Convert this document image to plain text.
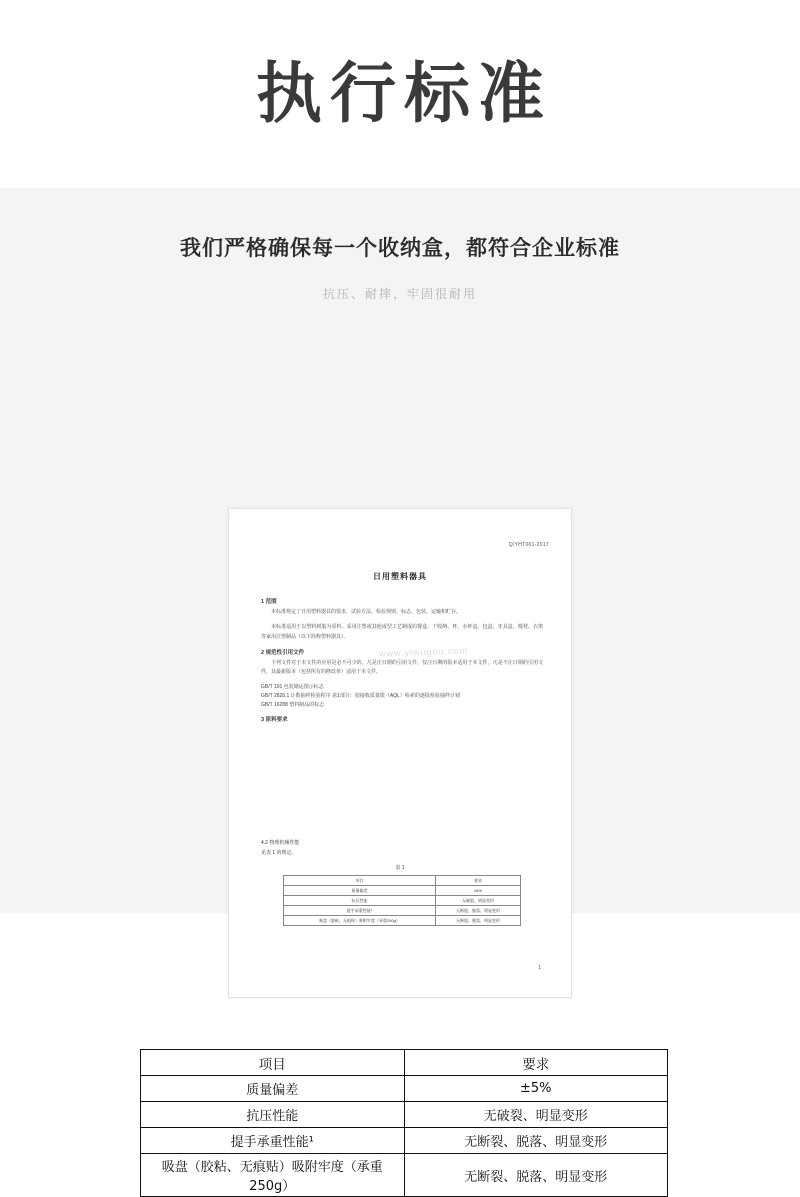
执行标准
我们严格确保每一个收纳盒，都符合企业标准
抗压、耐摔，牢固很耐用
Q/YHT001-2017
日用塑料器具

1 范围

本标准规定了日用塑料器具的要求、试验方法、检验规则、标志、包装、运输和贮存。

本标准适用于以塑料树脂为原料，采用注塑或其他成型工艺制成的餐盒、干收纳、杯、水杯盒、包盒、牙具盒、椅凳、衣架等家用注塑制品（以下简称塑料器具）。

2 规范性引用文件

下列文件对于本文件的应用是必不可少的。凡是注日期的引用文件，仅注日期的版本适用于本文件。凡是不注日期的引用文件，其最新版本（包括所有的修改单）适用于本文件。

GB/T 191 包装储运图示标志

GB/T 2828.1 计数抽样检验程序 第1部分：按接收质量限（AQL）检索的逐批检验抽样计划

GB/T 16288 塑料制品的标志

3 原料要求

www.yiwugou.com
4.2 物理机械性能
见表 1 的规定。
表 1
项目	要求
质量偏差	±5%
抗压性能	无破裂、明显变形
提手承重性能¹	无断裂、脱落、明显变形
吸盘（胶粘、无痕贴）吸附牢度（承重250g）	无断裂、脱落、明显变形
1
项目	要求
质量偏差	±5%
抗压性能	无破裂、明显变形
提手承重性能¹	无断裂、脱落、明显变形
吸盘（胶粘、无痕贴）吸附牢度（承重250g）	无断裂、脱落、明显变形
